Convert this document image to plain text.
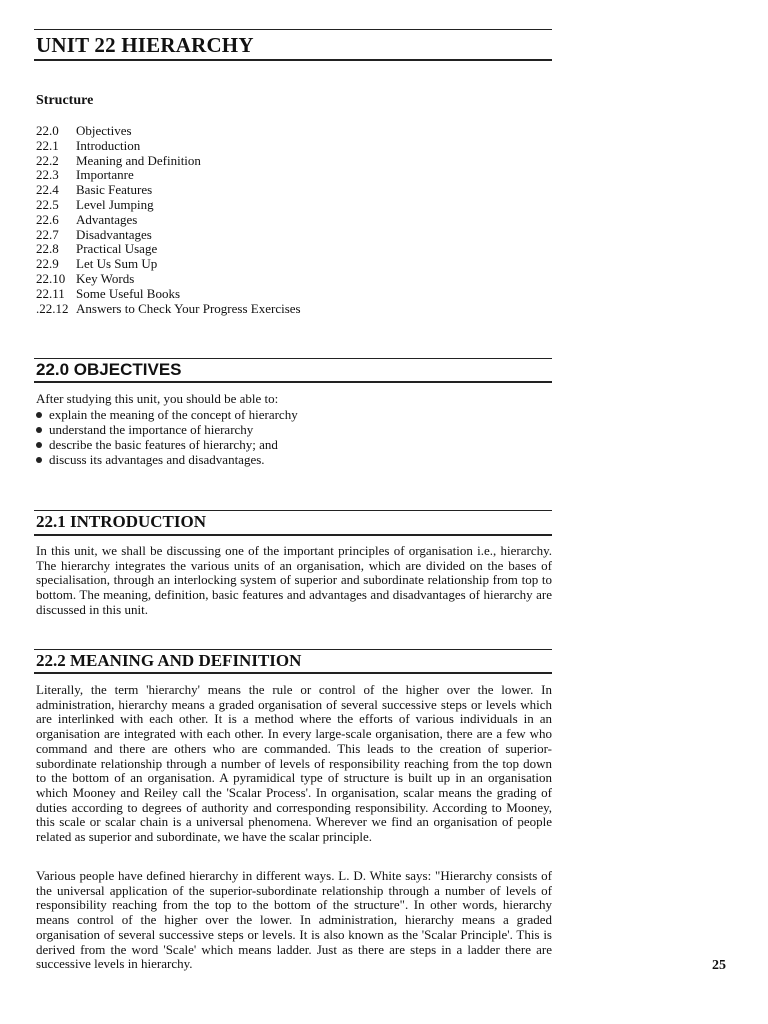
UNIT 22 HIERARCHY
Structure
22.0 Objectives
22.1 Introduction
22.2 Meaning and Definition
22.3 Importanre
22.4 Basic Features
22.5 Level Jumping
22.6 Advantages
22.7 Disadvantages
22.8 Practical Usage
22.9 Let Us Sum Up
22.10 Key Words
22.11 Some Useful Books
.22.12 Answers to Check Your Progress Exercises
22.0 OBJECTIVES

After studying this unit, you should be able to:

explain the meaning of the concept of hierarchy
understand the importance of hierarchy
describe the basic features of hierarchy; and
discuss its advantages and disadvantages.
22.1 INTRODUCTION

In this unit, we shall be discussing one of the important principles of organisation i.e., hierarchy. The hierarchy integrates the various units of an organisation, which are divided on the bases of specialisation, through an interlocking system of superior and subordinate relationship from top to bottom. The meaning, definition, basic features and advantages and disadvantages of hierarchy are discussed in this unit.

22.2 MEANING AND DEFINITION

Literally, the term 'hierarchy' means the rule or control of the higher over the lower. In administration, hierarchy means a graded organisation of several successive steps or levels which are interlinked with each other. It is a method where the efforts of various individuals in an organisation are integrated with each other. In every large-scale organisation, there are a few who command and there are others who are commanded. This leads to the creation of superior-subordinate relationship through a number of levels of responsibility reaching from the top down to the bottom of an organisation. A pyramidical type of structure is built up in an organisation which Mooney and Reiley call the 'Scalar Process'. In organisation, scalar means the grading of duties according to degrees of authority and corresponding responsibility. According to Mooney, this scale or scalar chain is a universal phenomena. Wherever we find an organisation of people related as superior and subordinate, we have the scalar principle.

Various people have defined hierarchy in different ways. L. D. White says: "Hierarchy consists of the universal application of the superior-subordinate relationship through a number of levels of responsibility reaching from the top to the bottom of the structure". In other words, hierarchy means control of the higher over the lower. In administration, hierarchy means a graded organisation of several successive steps or levels. It is also known as the 'Scalar Principle'. This is derived from the word 'Scale' which means ladder. Just as there are steps in a ladder there are successive levels in hierarchy.	25
